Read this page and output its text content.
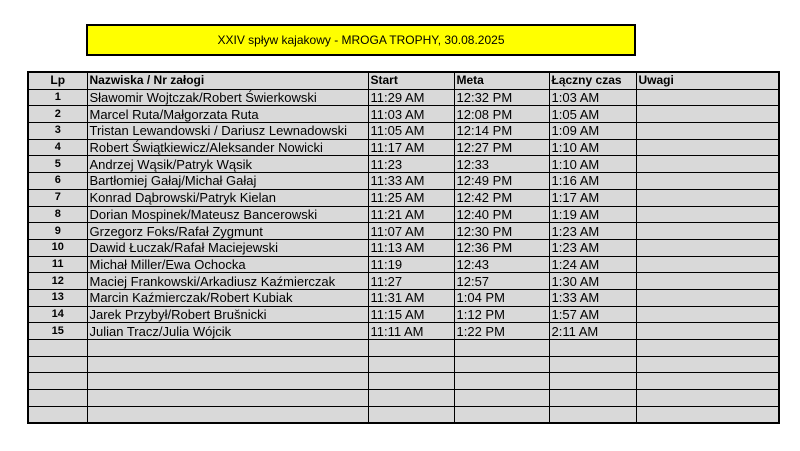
XXIV spływ kajakowy - MROGA TROPHY, 30.08.2025
Lp	Nazwiska / Nr załogi	Start	Meta	Łączny czas	Uwagi
1	Sławomir Wojtczak/Robert Świerkowski	11:29 AM	12:32 PM	1:03 AM	
2	Marcel Ruta/Małgorzata Ruta	11:03 AM	12:08 PM	1:05 AM	
3	Tristan Lewandowski / Dariusz Lewnadowski	11:05 AM	12:14 PM	1:09 AM	
4	Robert Świątkiewicz/Aleksander Nowicki	11:17 AM	12:27 PM	1:10 AM	
5	Andrzej Wąsik/Patryk Wąsik	11:23	12:33	1:10 AM	
6	Bartłomiej Gałaj/Michał Gałaj	11:33 AM	12:49 PM	1:16 AM	
7	Konrad Dąbrowski/Patryk Kielan	11:25 AM	12:42 PM	1:17 AM	
8	Dorian Mospinek/Mateusz Bancerowski	11:21 AM	12:40 PM	1:19 AM	
9	Grzegorz Foks/Rafał Zygmunt	11:07 AM	12:30 PM	1:23 AM	
10	Dawid Łuczak/Rafał Maciejewski	11:13 AM	12:36 PM	1:23 AM	
11	Michał Miller/Ewa Ochocka	11:19	12:43	1:24 AM	
12	Maciej Frankowski/Arkadiusz Kaźmierczak	11:27	12:57	1:30 AM	
13	Marcin Kaźmierczak/Robert Kubiak	11:31 AM	1:04 PM	1:33 AM	
14	Jarek Przybył/Robert Brušnicki	11:15 AM	1:12 PM	1:57 AM	
15	Julian Tracz/Julia Wójcik	11:11 AM	1:22 PM	2:11 AM	
